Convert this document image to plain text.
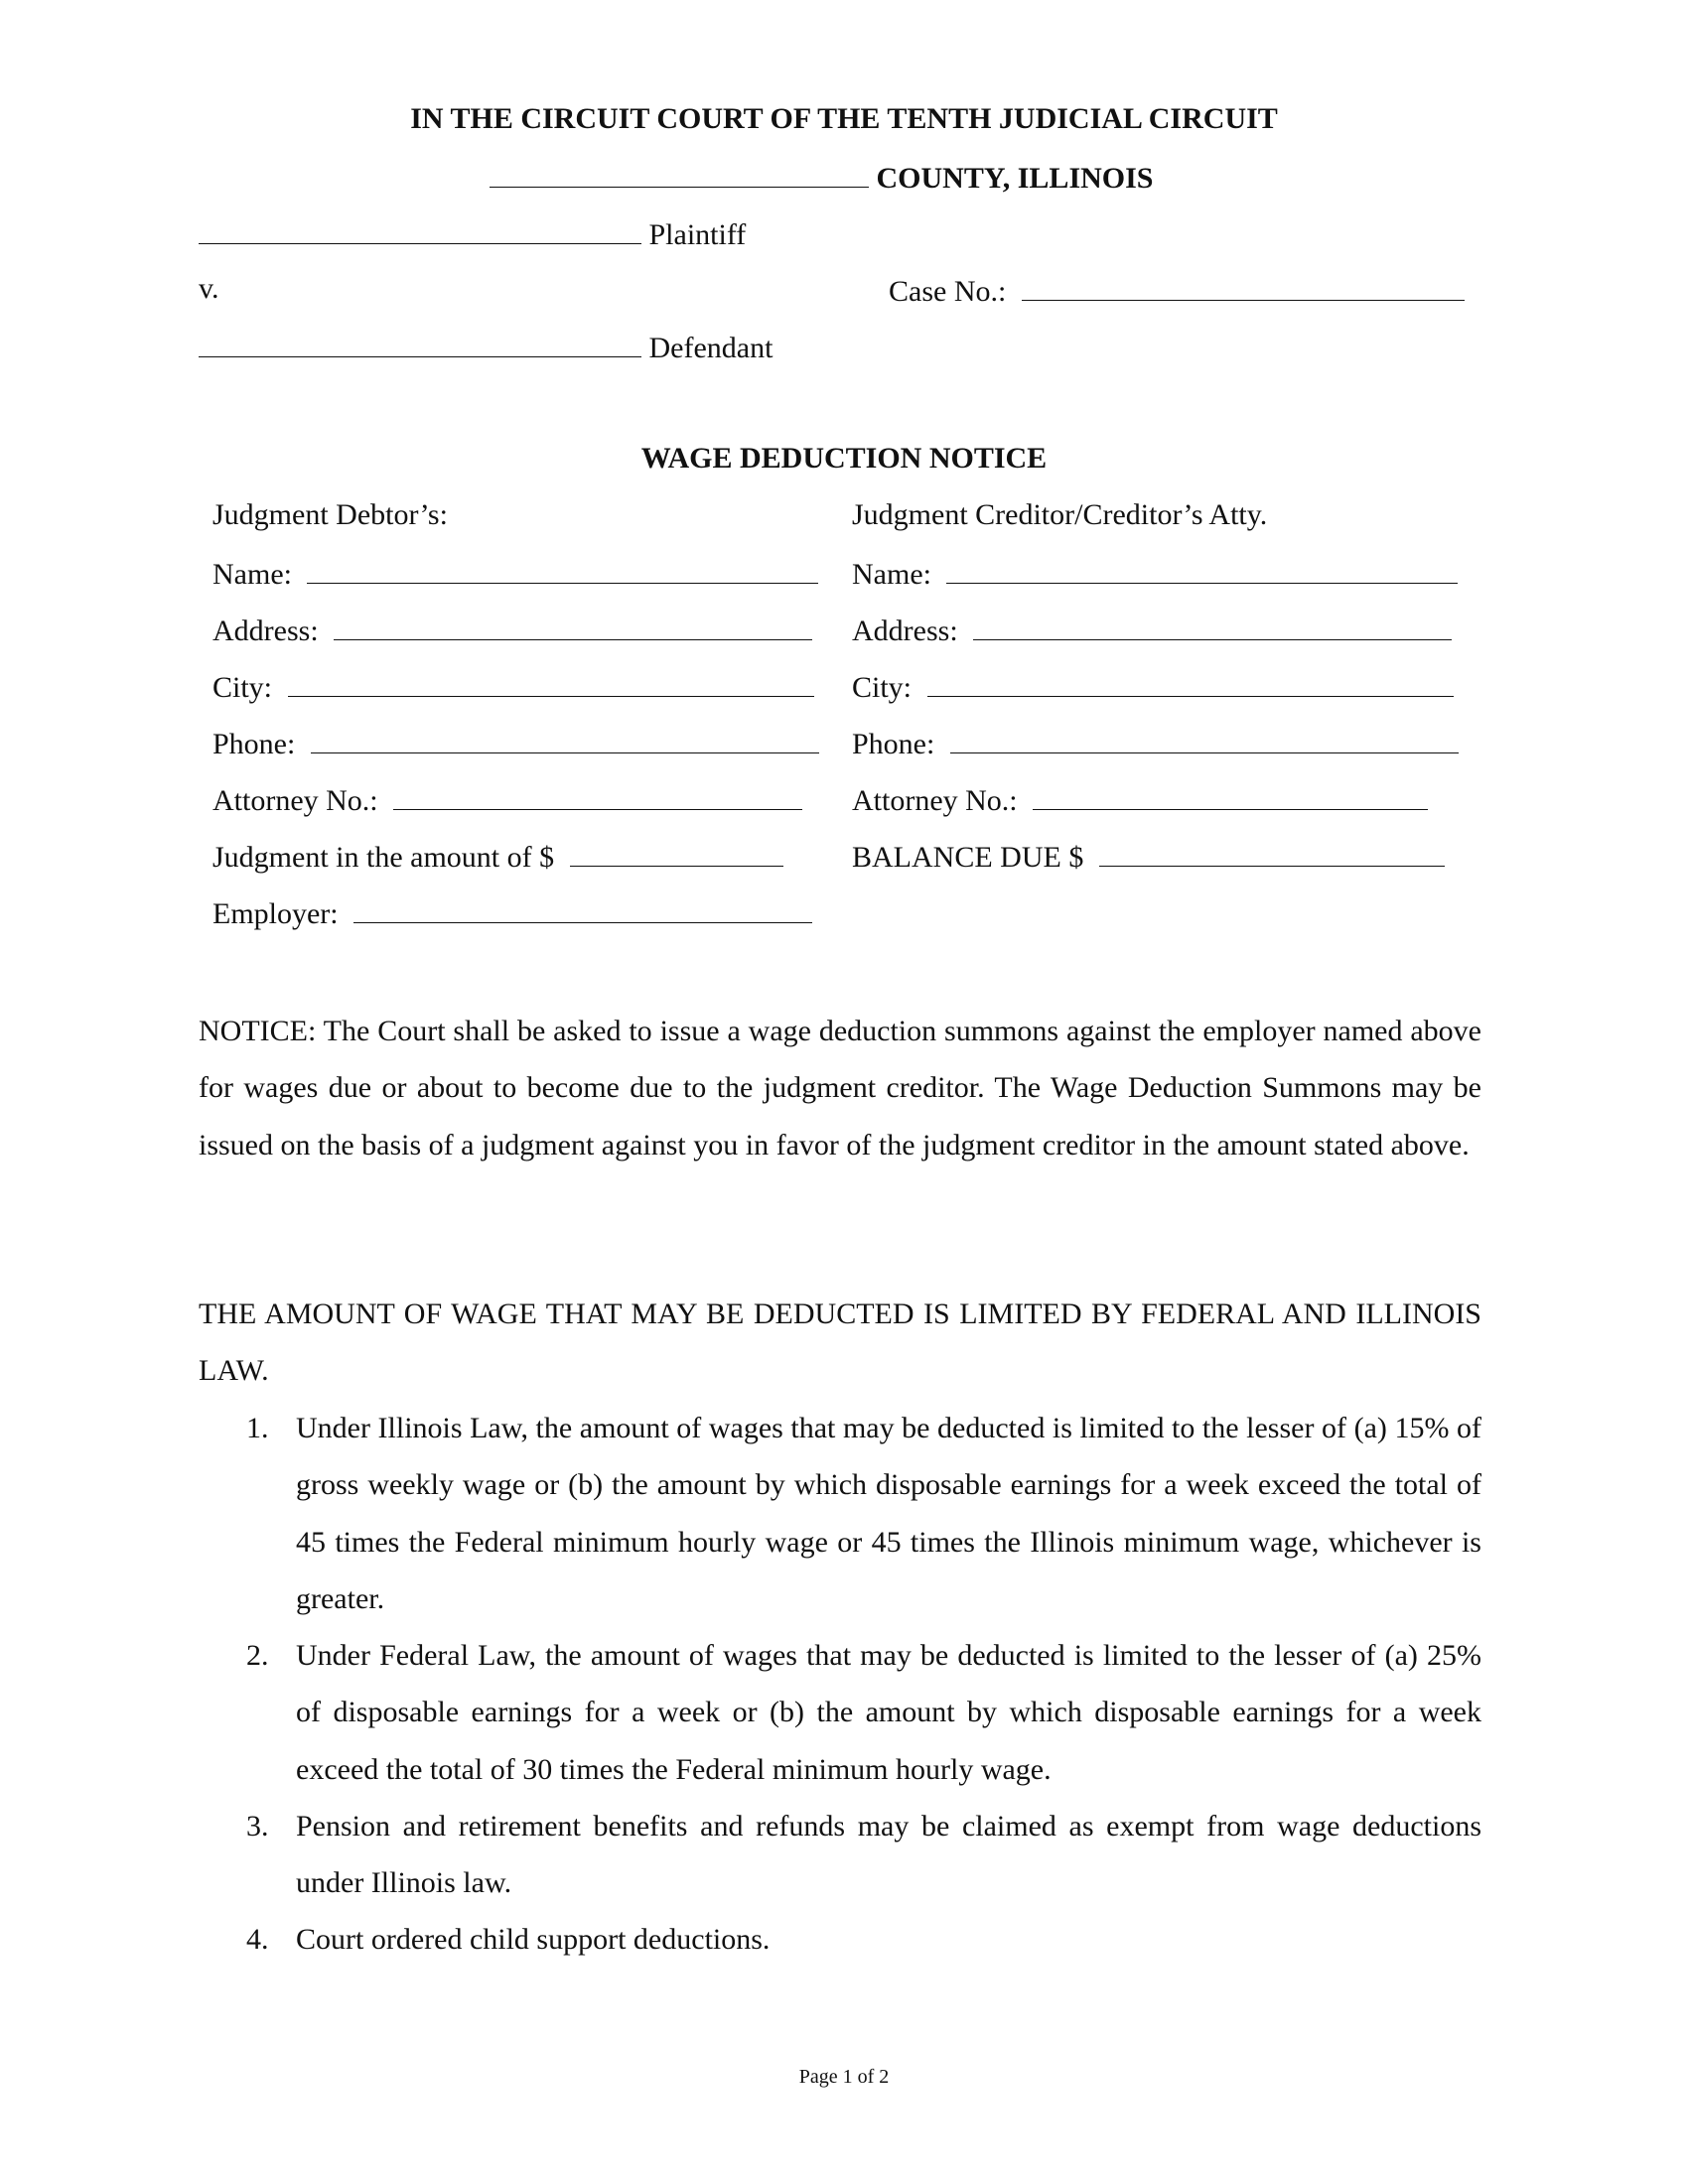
IN THE CIRCUIT COURT OF THE TENTH JUDICIAL CIRCUIT
COUNTY, ILLINOIS
Plaintiff
v.	Case No.:
Defendant
WAGE DEDUCTION NOTICE
Judgment Debtor’s:
Name:
Address:
City:
Phone:
Attorney No.:
Judgment in the amount of $
Employer:
Judgment Creditor/Creditor’s Atty.
Name:
Address:
City:
Phone:
Attorney No.:
BALANCE DUE $
NOTICE: The Court shall be asked to issue a wage deduction summons against the employer named above for wages due or about to become due to the judgment creditor. The Wage Deduction Summons may be issued on the basis of a judgment against you in favor of the judgment creditor in the amount stated above.
THE AMOUNT OF WAGE THAT MAY BE DEDUCTED IS LIMITED BY FEDERAL AND ILLINOIS LAW.
1. Under Illinois Law, the amount of wages that may be deducted is limited to the lesser of (a) 15% of gross weekly wage or (b) the amount by which disposable earnings for a week exceed the total of 45 times the Federal minimum hourly wage or 45 times the Illinois minimum wage, whichever is greater.
2. Under Federal Law, the amount of wages that may be deducted is limited to the lesser of (a) 25% of disposable earnings for a week or (b) the amount by which disposable earnings for a week exceed the total of 30 times the Federal minimum hourly wage.
3. Pension and retirement benefits and refunds may be claimed as exempt from wage deductions under Illinois law.
4. Court ordered child support deductions.
Page 1 of 2
